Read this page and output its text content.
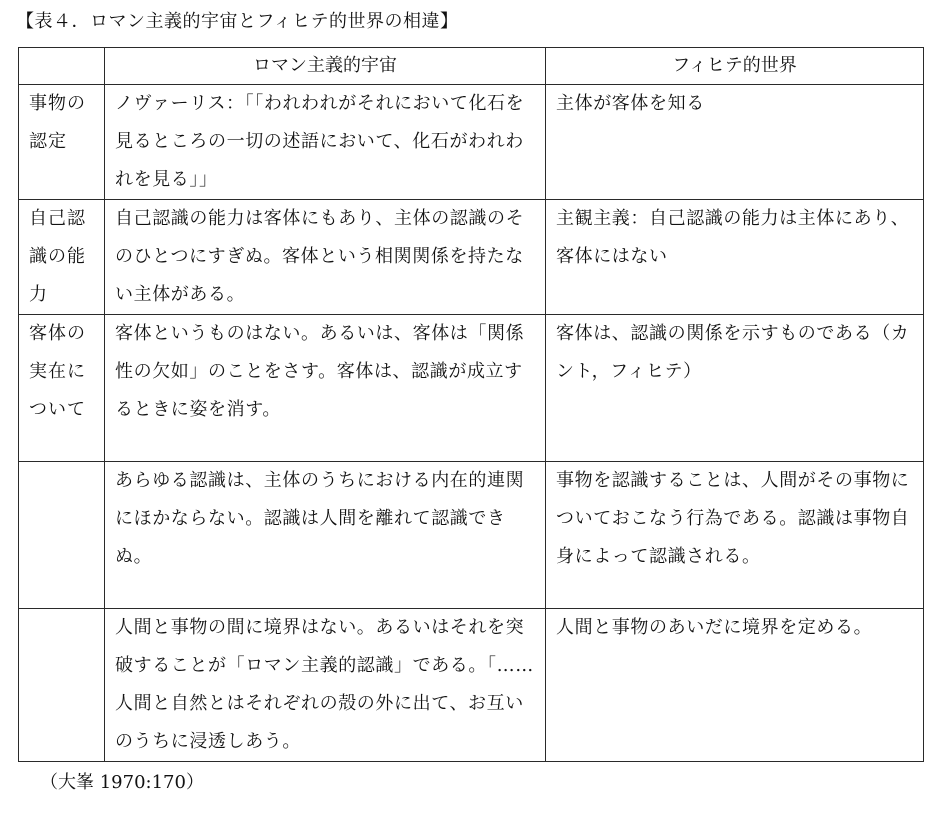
【表４．ロマン主義的宇宙とフィヒテ的世界の相違】
	ロマン主義的宇宙	フィヒテ的世界
事物の認定	ノヴァーリス：「「われわれがそれにおいて化石を見るところの一切の述語において、化石がわれわれを見る」」	主体が客体を知る
自己認識の能力	自己認識の能力は客体にもあり、主体の認識のそのひとつにすぎぬ。客体という相関関係を持たない主体がある。	主観主義：自己認識の能力は主体にあり、客体にはない
客体の実在について	客体というものはない。あるいは、客体は「関係性の欠如」のことをさす。客体は、認識が成立するときに姿を消す。	客体は、認識の関係を示すものである（カント，フィヒテ）
	あらゆる認識は、主体のうちにおける内在的連関にほかならない。認識は人間を離れて認識できぬ。	事物を認識することは、人間がその事物についておこなう行為である。認識は事物自身によって認識される。
	人間と事物の間に境界はない。あるいはそれを突破することが「ロマン主義的認識」である。「……人間と自然とはそれぞれの殻の外に出て、お互いのうちに浸透しあう。	人間と事物のあいだに境界を定める。
（大峯 1970:170）
